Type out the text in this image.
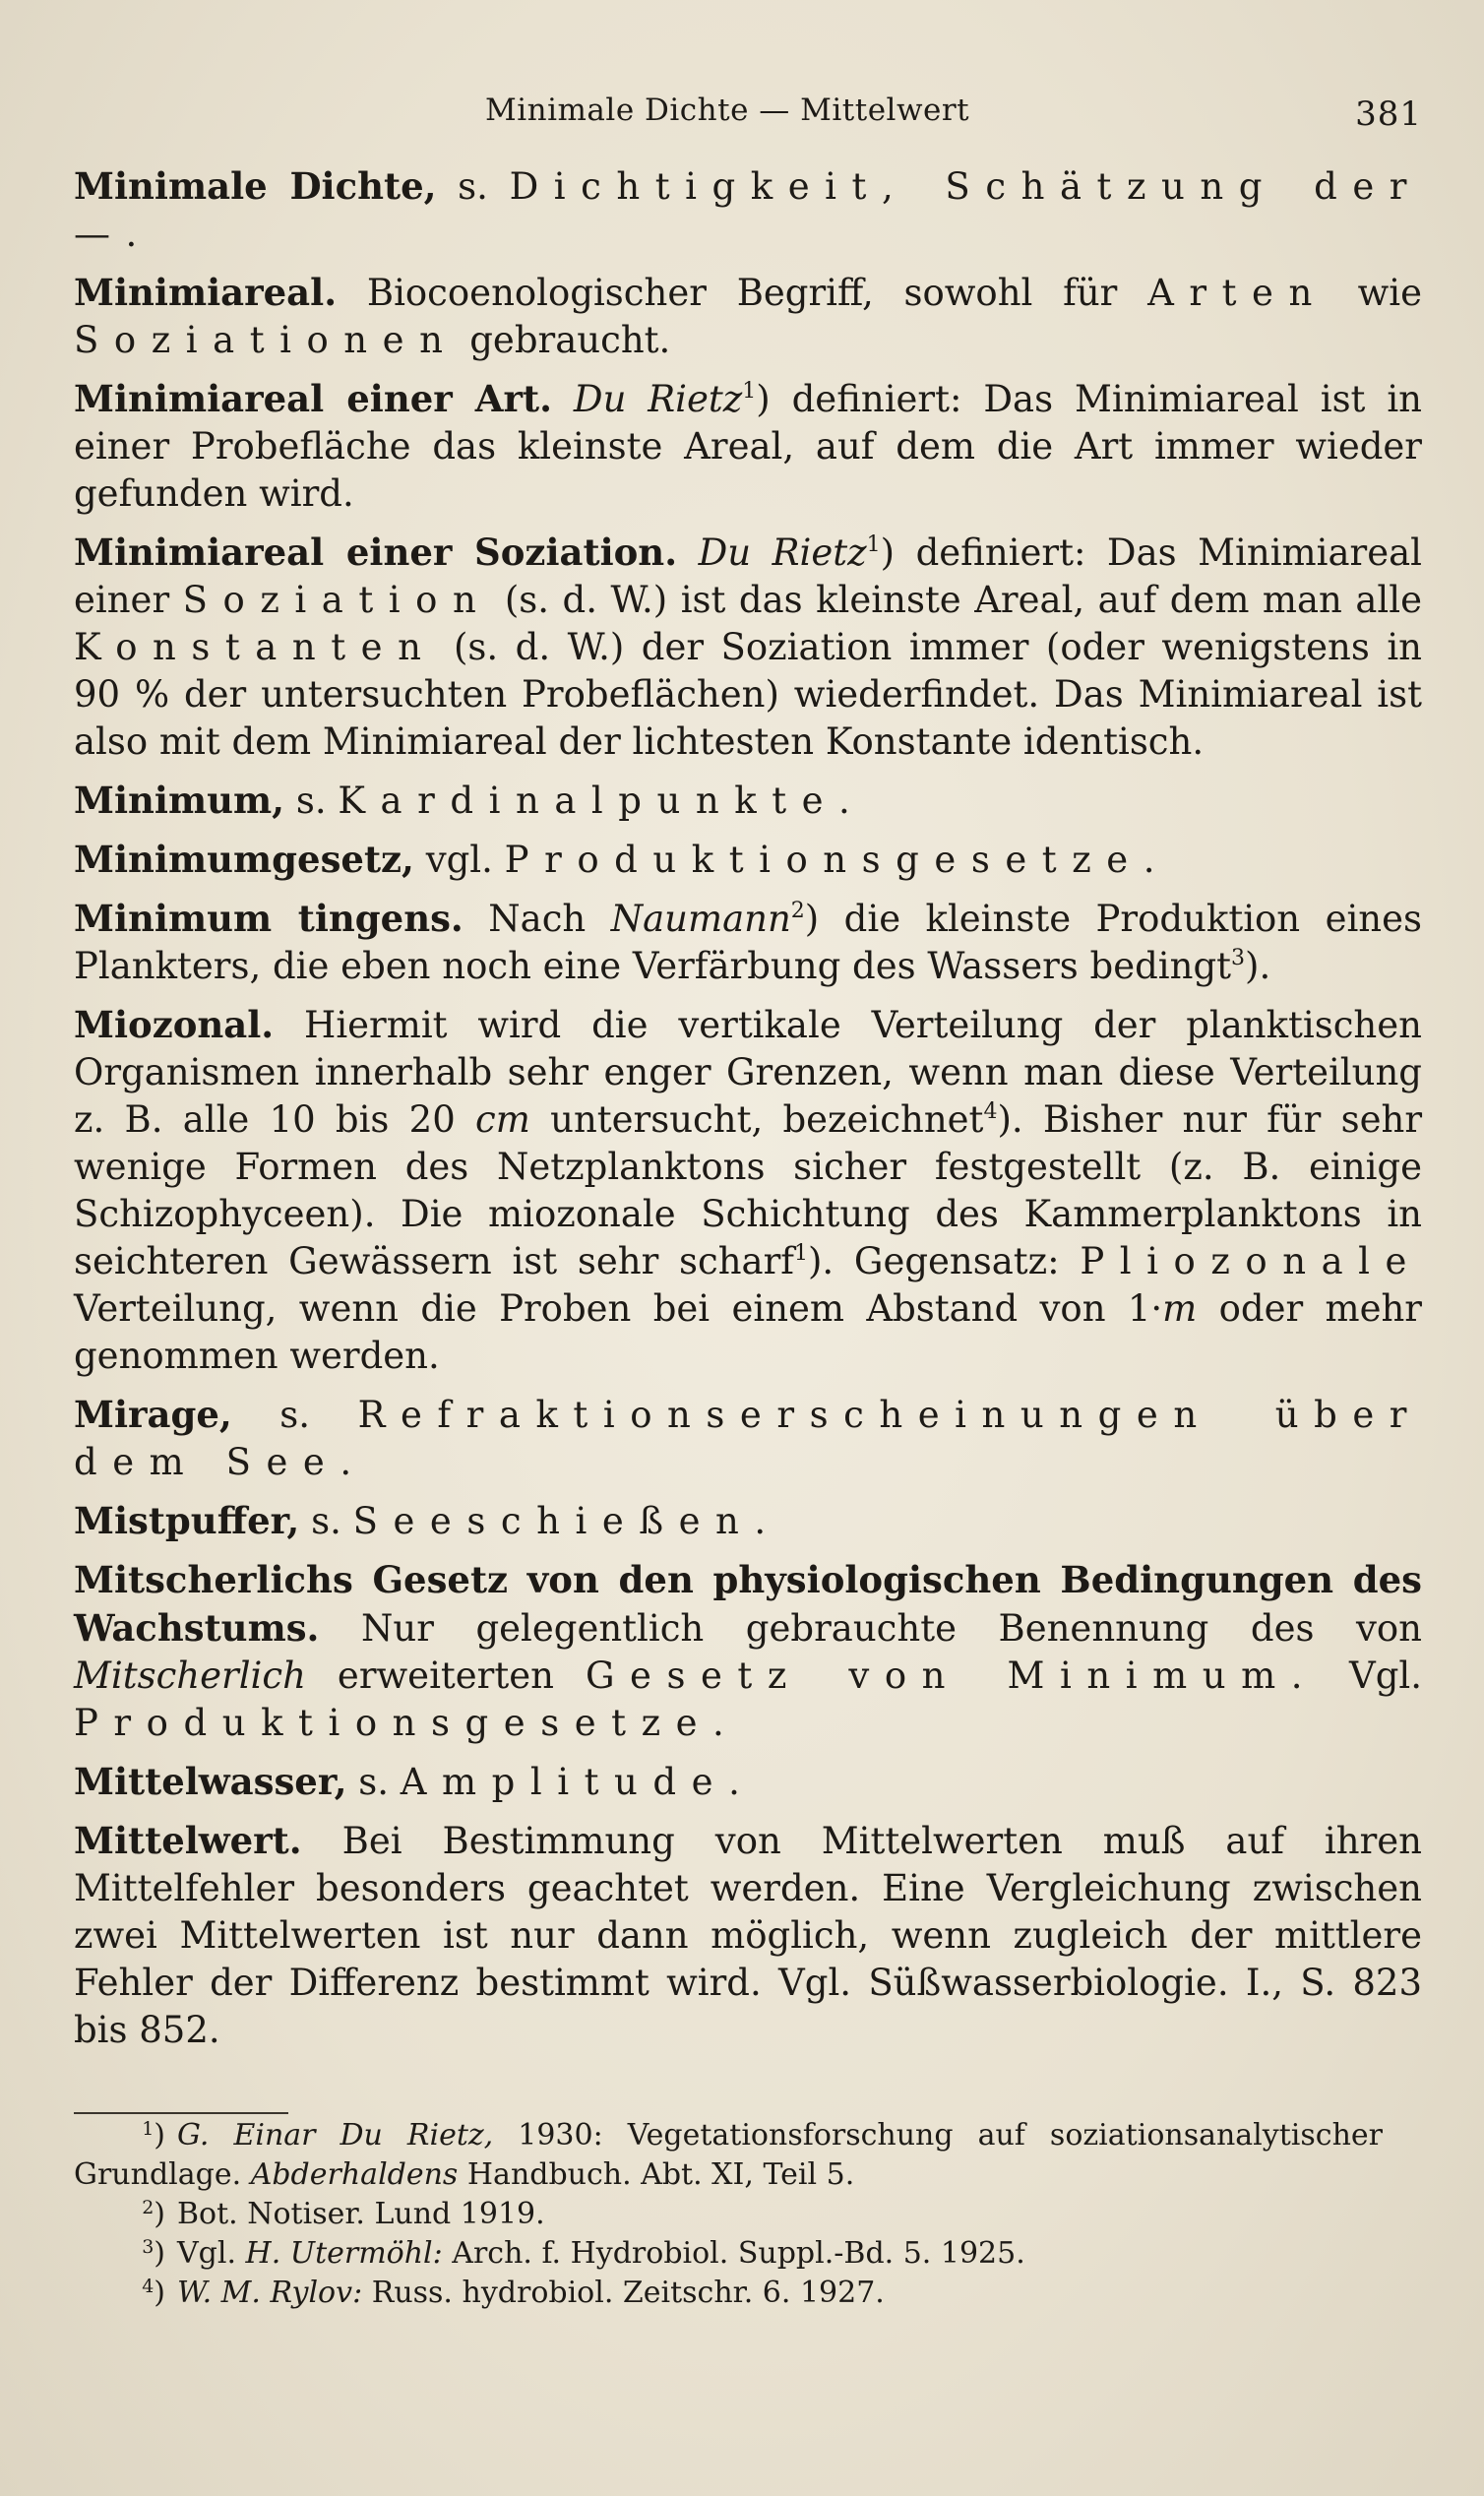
Minimale Dichte — Mittelwert	381

Minimale Dichte, s. Dichtigkeit, Schätzung der —.

Minimiareal. Biocoenologischer Begriff, sowohl für Arten wie Soziationen gebraucht.

Minimiareal einer Art. Du Rietz$^1$) definiert: Das Minimiareal ist in einer Probefläche das kleinste Areal, auf dem die Art immer wieder gefunden wird.

Minimiareal einer Soziation. Du Rietz$^1$) definiert: Das Minimiareal einer Soziation (s. d. W.) ist das kleinste Areal, auf dem man alle Konstanten (s. d. W.) der Soziation immer (oder wenigstens in 90 % der untersuchten Probeflächen) wiederfindet. Das Minimiareal ist also mit dem Minimiareal der lichtesten Konstante identisch.

Minimum, s. Kardinalpunkte.

Minimumgesetz, vgl. Produktionsgesetze.

Minimum tingens. Nach Naumann$^2$) die kleinste Produktion eines Plankters, die eben noch eine Verfärbung des Wassers bedingt$^3$).

Miozonal. Hiermit wird die vertikale Verteilung der planktischen Organismen innerhalb sehr enger Grenzen, wenn man diese Verteilung z. B. alle 10 bis 20 cm untersucht, bezeichnet$^4$). Bisher nur für sehr wenige Formen des Netzplanktons sicher festgestellt (z. B. einige Schizophyceen). Die miozonale Schichtung des Kammerplanktons in seichteren Gewässern ist sehr scharf$^1$). Gegensatz: Pliozonale Verteilung, wenn die Proben bei einem Abstand von 1·m oder mehr genommen werden.

Mirage, s. Refraktionserscheinungen über dem See.

Mistpuffer, s. Seeschießen.

Mitscherlichs Gesetz von den physiologischen Bedingungen des Wachstums. Nur gelegentlich gebrauchte Benennung des von Mitscherlich erweiterten Gesetz von Minimum. Vgl. Produktionsgesetze.

Mittelwasser, s. Amplitude.

Mittelwert. Bei Bestimmung von Mittelwerten muß auf ihren Mittelfehler besonders geachtet werden. Eine Vergleichung zwischen zwei Mittelwerten ist nur dann möglich, wenn zugleich der mittlere Fehler der Differenz bestimmt wird. Vgl. Süßwasserbiologie. I., S. 823 bis 852.

$^1$) G. Einar Du Rietz, 1930: Vegetationsforschung auf soziationsanalytischer Grundlage. Abderhaldens Handbuch. Abt. XI, Teil 5.

$^2$) Bot. Notiser. Lund 1919.

$^3$) Vgl. H. Utermöhl: Arch. f. Hydrobiol. Suppl.-Bd. 5. 1925.

$^4$) W. M. Rylov: Russ. hydrobiol. Zeitschr. 6. 1927.
